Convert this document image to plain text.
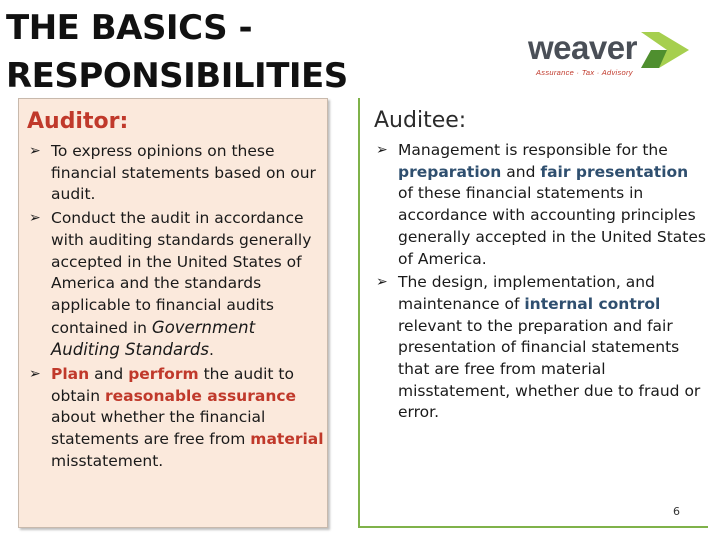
THE BASICS -
RESPONSIBILITIES
weaver
Assurance · Tax · Advisory
Auditor:
➢ To express opinions on these financial statements based on our audit.
➢ Conduct the audit in accordance with auditing standards generally accepted in the United States of America and the standards applicable to financial audits contained in Government Auditing Standards.
➢ Plan and perform the audit to obtain reasonable assurance about whether the financial statements are free from material misstatement.
Auditee:
➢ Management is responsible for the preparation and fair presentation of these financial statements in accordance with accounting principles generally accepted in the United States of America.
➢ The design, implementation, and maintenance of internal control relevant to the preparation and fair presentation of financial statements that are free from material misstatement, whether due to fraud or error.
6
